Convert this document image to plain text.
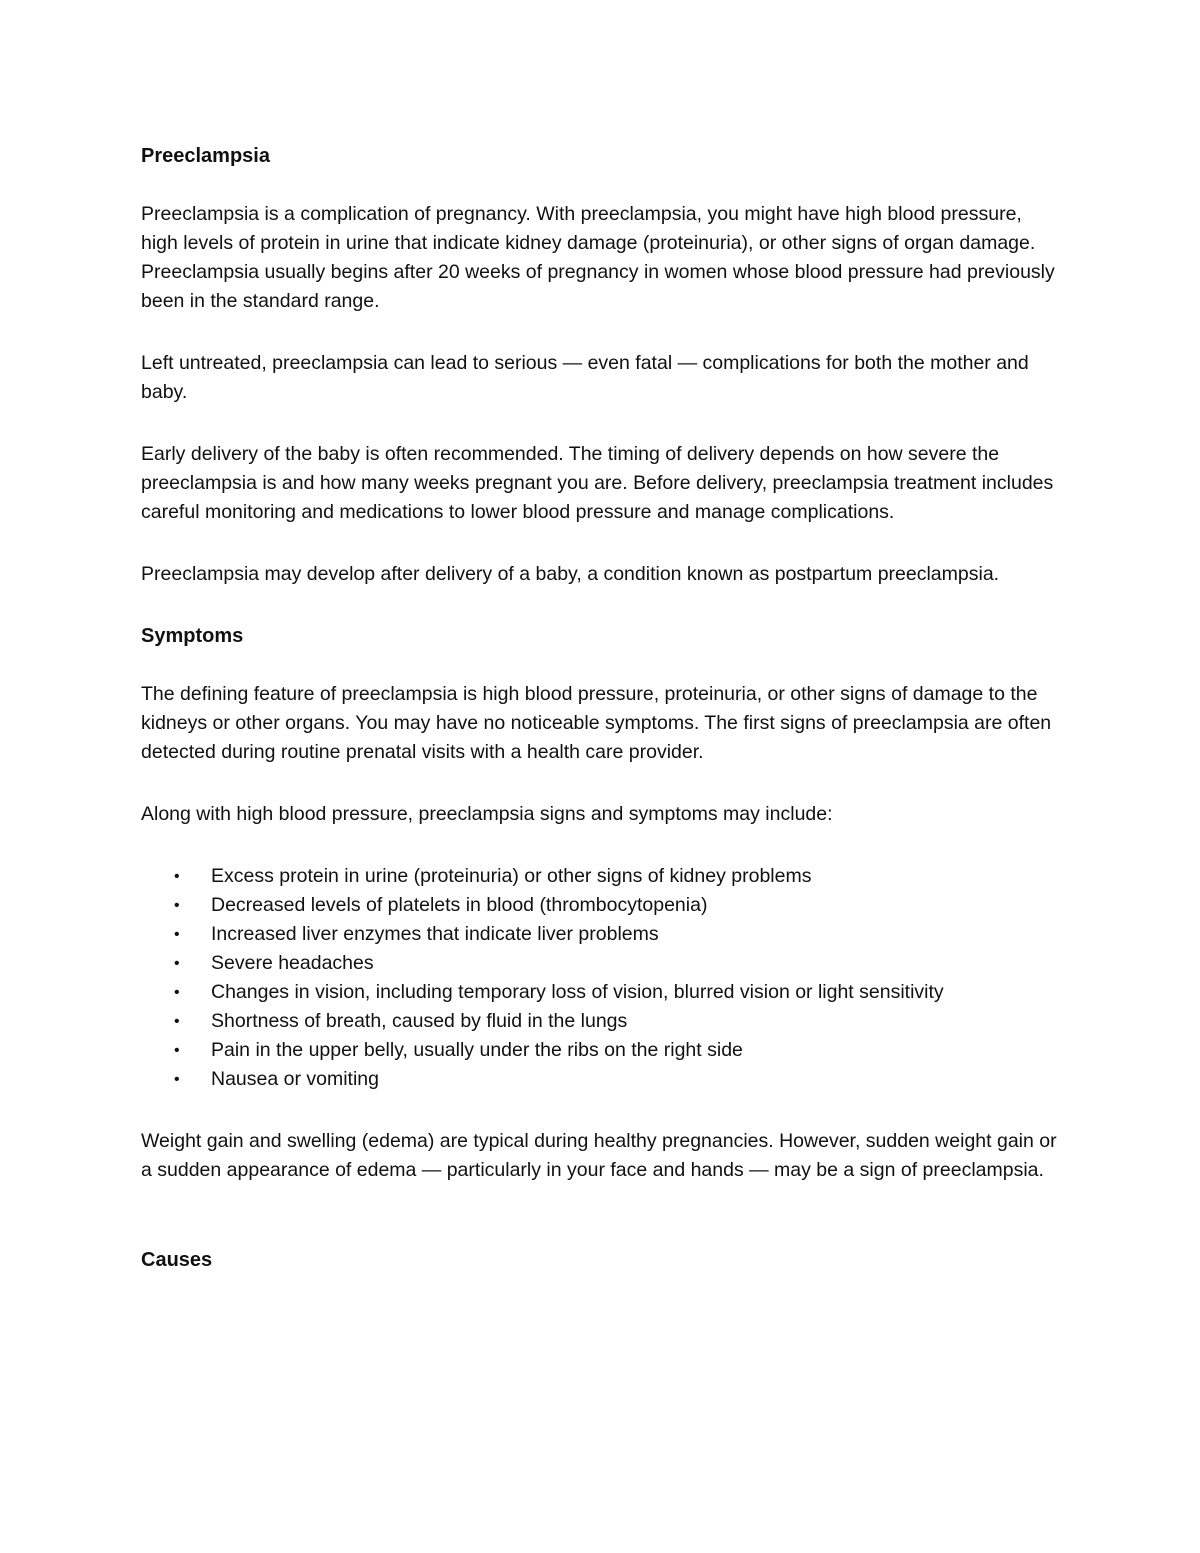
Preeclampsia

Preeclampsia is a complication of pregnancy. With preeclampsia, you might have high blood pressure, high levels of protein in urine that indicate kidney damage (proteinuria), or other signs of organ damage. Preeclampsia usually begins after 20 weeks of pregnancy in women whose blood pressure had previously been in the standard range.

Left untreated, preeclampsia can lead to serious — even fatal — complications for both the mother and baby.

Early delivery of the baby is often recommended. The timing of delivery depends on how severe the preeclampsia is and how many weeks pregnant you are. Before delivery, preeclampsia treatment includes careful monitoring and medications to lower blood pressure and manage complications.

Preeclampsia may develop after delivery of a baby, a condition known as postpartum preeclampsia.

Symptoms

The defining feature of preeclampsia is high blood pressure, proteinuria, or other signs of damage to the kidneys or other organs. You may have no noticeable symptoms. The first signs of preeclampsia are often detected during routine prenatal visits with a health care provider.

Along with high blood pressure, preeclampsia signs and symptoms may include:

• Excess protein in urine (proteinuria) or other signs of kidney problems
• Decreased levels of platelets in blood (thrombocytopenia)
• Increased liver enzymes that indicate liver problems
• Severe headaches
• Changes in vision, including temporary loss of vision, blurred vision or light sensitivity
• Shortness of breath, caused by fluid in the lungs
• Pain in the upper belly, usually under the ribs on the right side
• Nausea or vomiting

Weight gain and swelling (edema) are typical during healthy pregnancies. However, sudden weight gain or a sudden appearance of edema — particularly in your face and hands — may be a sign of preeclampsia.

Causes
